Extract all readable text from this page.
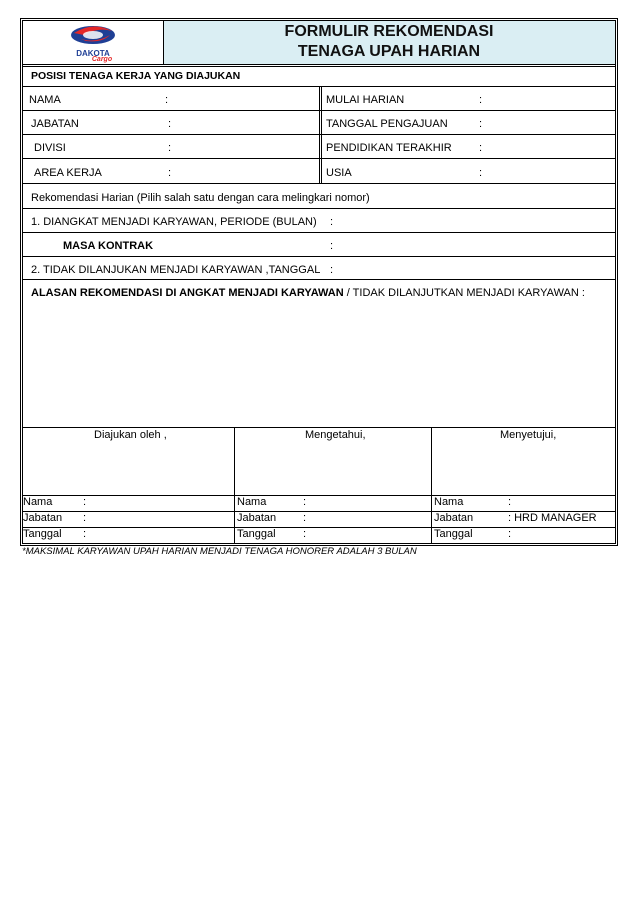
DAKOTA
Cargo
FORMULIR REKOMENDASI
TENAGA UPAH HARIAN
POSISI TENAGA KERJA YANG DIAJUKAN
NAMA	:
JABATAN	:
DIVISI	:
AREA KERJA	:
MULAI HARIAN	:
TANGGAL PENGAJUAN	:
PENDIDIKAN TERAKHIR :
USIA	:
Rekomendasi Harian (Pilih salah satu dengan cara melingkari nomor)
1. DIANGKAT MENJADI KARYAWAN, PERIODE (BULAN) :
MASA KONTRAK	:
2. TIDAK DILANJUKAN MENJADI KARYAWAN ,TANGGAL :
ALASAN REKOMENDASI DI ANGKAT MENJADI KARYAWAN / TIDAK DILANJUTKAN MENJADI KARYAWAN :
Diajukan oleh ,	Mengetahui,	Menyetujui,
Nama	:
Jabatan :
Tanggal :
Nama	:
Jabatan :
Tanggal :
Nama	:
Jabatan	: HRD MANAGER
Tanggal	:
*MAKSIMAL KARYAWAN UPAH HARIAN MENJADI TENAGA HONORER ADALAH 3 BULAN
